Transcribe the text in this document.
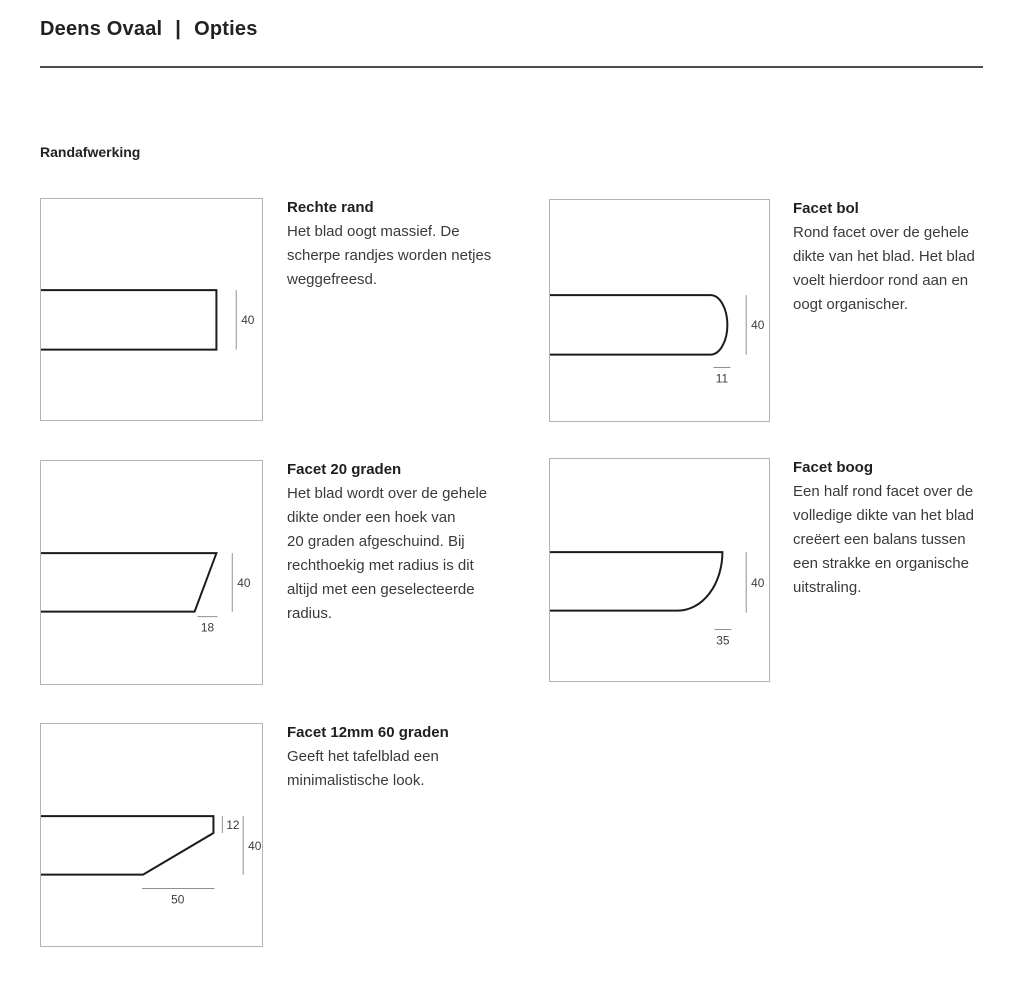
Deens Ovaal | Opties
Randafwerking
40
Rechte rand
Het blad oogt massief. De
scherpe randjes worden netjes
weggefreesd.
40
11
Facet bol
Rond facet over de gehele
dikte van het blad. Het blad
voelt hierdoor rond aan en
oogt organischer.
40
18
Facet 20 graden
Het blad wordt over de gehele
dikte onder een hoek van
20 graden afgeschuind. Bij
rechthoekig met radius is dit
altijd met een geselecteerde
radius.
40
35
Facet boog
Een half rond facet over de
volledige dikte van het blad
creëert een balans tussen
een strakke en organische
uitstraling.
12
40
50
Facet 12mm 60 graden
Geeft het tafelblad een
minimalistische look.
